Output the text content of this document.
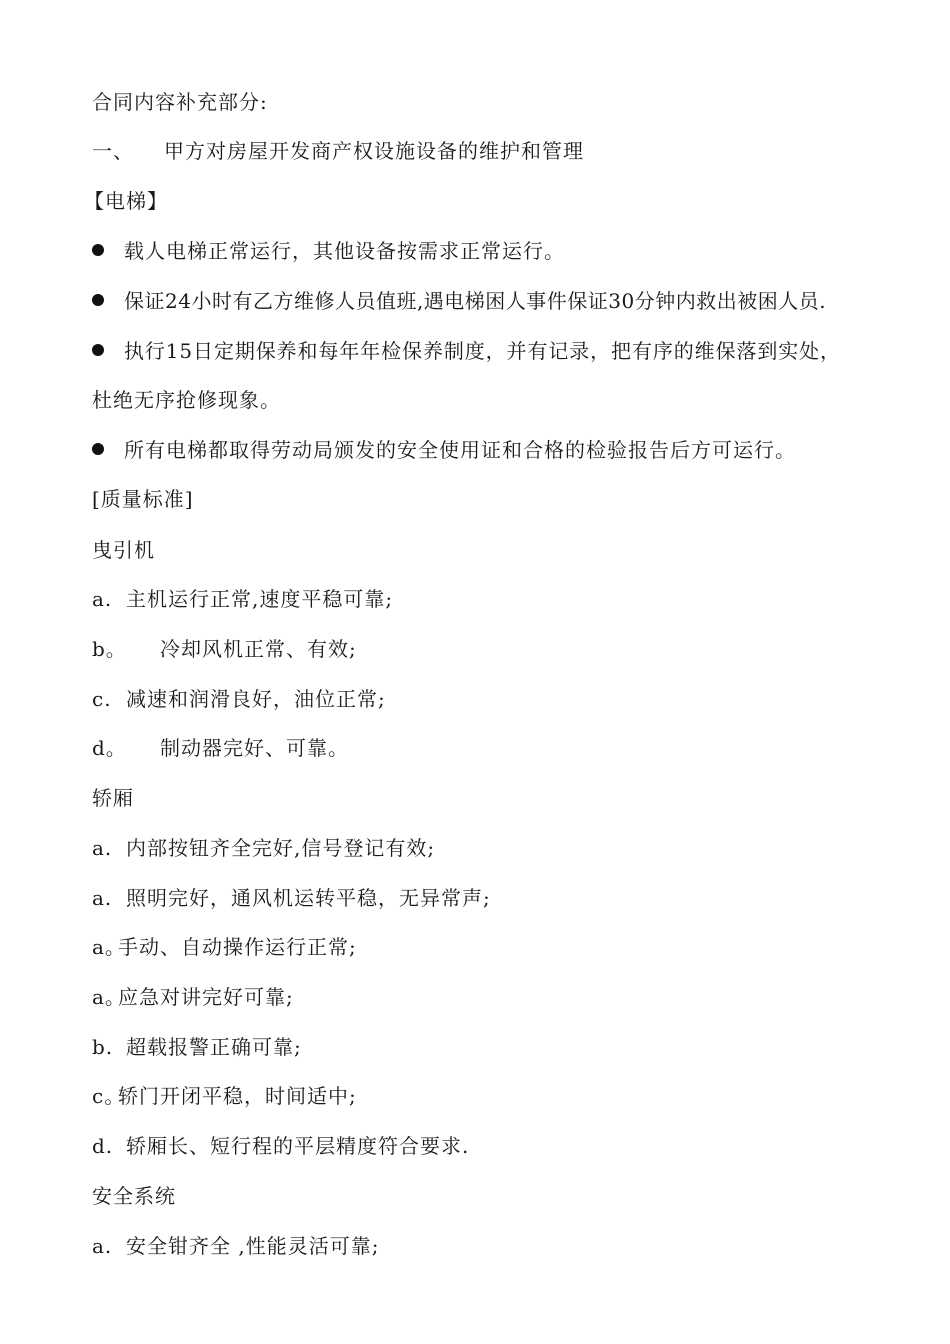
合同内容补充部分:
一、 甲方对房屋开发商产权设施设备的维护和管理
【电梯】
载人电梯正常运行，其他设备按需求正常运行。
保证24小时有乙方维修人员值班,遇电梯困人事件保证30分钟内救出被困人员.
执行15日定期保养和每年年检保养制度，并有记录，把有序的维保落到实处，
杜绝无序抢修现象。
所有电梯都取得劳动局颁发的安全使用证和合格的检验报告后方可运行。
[质量标准]
曳引机
a. 主机运行正常,速度平稳可靠;
b。 冷却风机正常、有效;
c. 减速和润滑良好，油位正常;
d。 制动器完好、可靠。
轿厢
a. 内部按钮齐全完好,信号登记有效;
a. 照明完好，通风机运转平稳，无异常声;
a。手动、自动操作运行正常;
a。应急对讲完好可靠;
b. 超载报警正确可靠;
c。轿门开闭平稳，时间适中;
d. 轿厢长、短行程的平层精度符合要求.
安全系统
a. 安全钳齐全 ,性能灵活可靠;
